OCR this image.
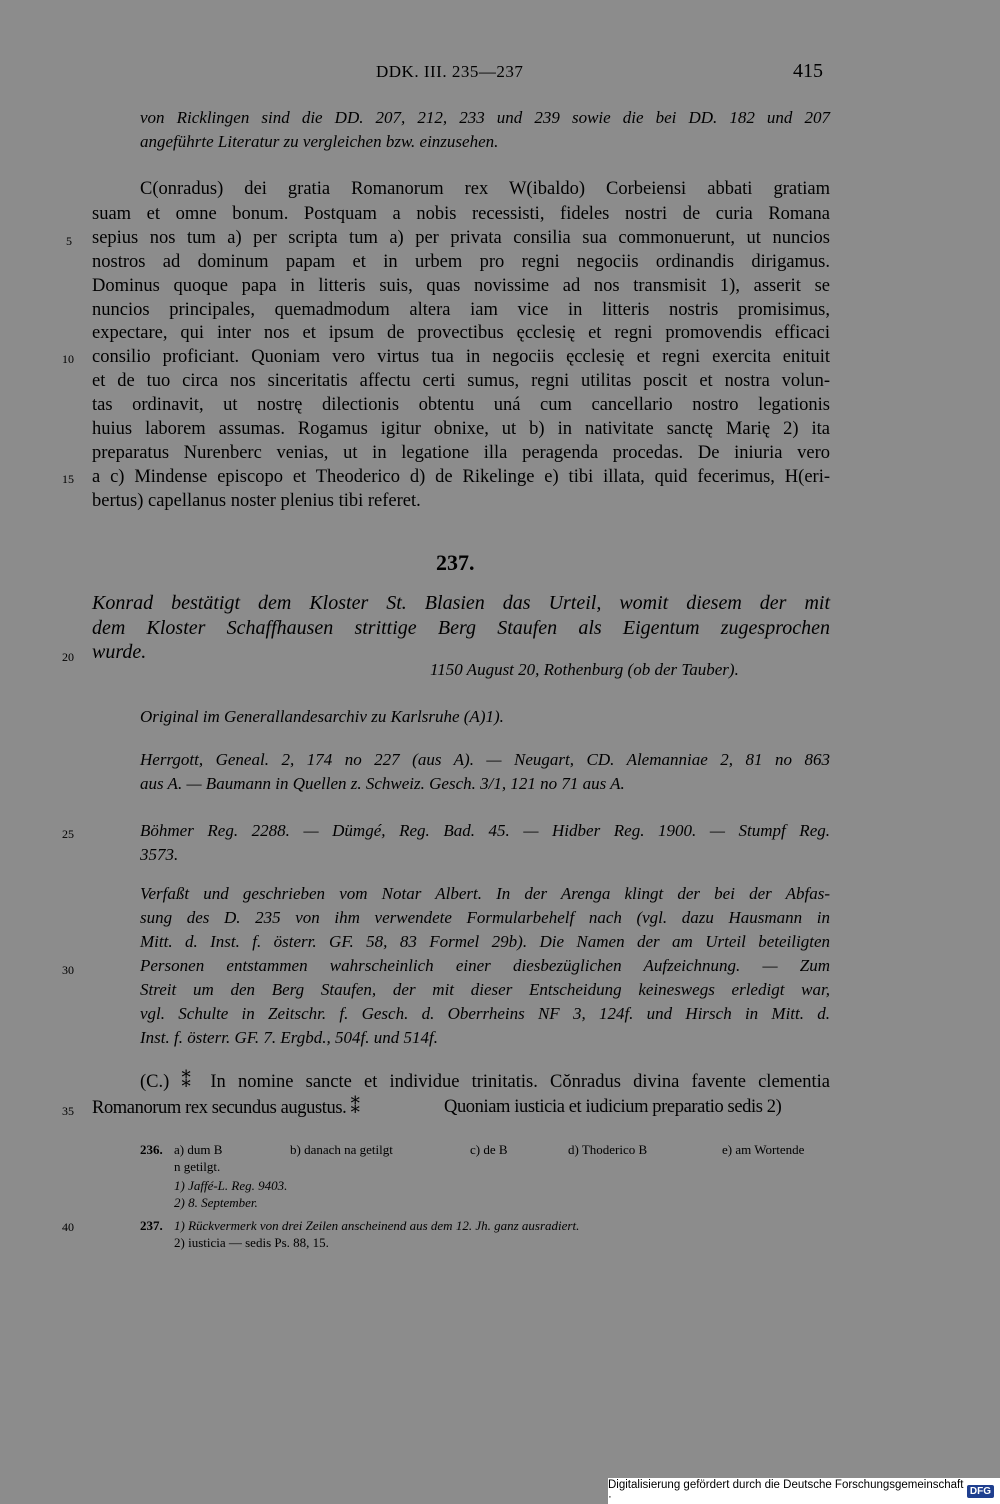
DDK. III. 235—237	415
von Ricklingen sind die DD. 207, 212, 233 und 239 sowie die bei DD. 182 und 207
angeführte Literatur zu vergleichen bzw. einzusehen.
C(onradus) dei gratia Romanorum rex W(ibaldo) Corbeiensi abbati gratiam
suam et omne bonum. Postquam a nobis recessisti, fideles nostri de curia Romana
sepius nos tum a) per scripta tum a) per privata consilia sua commonuerunt, ut nuncios
nostros ad dominum papam et in urbem pro regni negociis ordinandis dirigamus.
Dominus quoque papa in litteris suis, quas novissime ad nos transmisit 1), asserit se
nuncios principales, quemadmodum altera iam vice in litteris nostris promisimus,
expectare, qui inter nos et ipsum de provectibus ęcclesię et regni promovendis efficaci
consilio proficiant. Quoniam vero virtus tua in negociis ęcclesię et regni exercita enituit
et de tuo circa nos sinceritatis affectu certi sumus, regni utilitas poscit et nostra volun-
tas ordinavit, ut nostrę dilectionis obtentu uná cum cancellario nostro legationis
huius laborem assumas. Rogamus igitur obnixe, ut b) in nativitate sanctę Marię 2) ita
preparatus Nurenberc venias, ut in legatione illa peragenda procedas. De iniuria vero
a c) Mindense episcopo et Theoderico d) de Rikelinge e) tibi illata, quid fecerimus, H(eri-
bertus) capellanus noster plenius tibi referet.
5
10
15
20
25
30
35
40
237.
Konrad bestätigt dem Kloster St. Blasien das Urteil, womit diesem der mit
dem Kloster Schaffhausen strittige Berg Staufen als Eigentum zugesprochen
wurde.
1150 August 20, Rothenburg (ob der Tauber).
Original im Generallandesarchiv zu Karlsruhe (A)1).
Herrgott, Geneal. 2, 174 no 227 (aus A). — Neugart, CD. Alemanniae 2, 81 no 863
aus A. — Baumann in Quellen z. Schweiz. Gesch. 3/1, 121 no 71 aus A.
Böhmer Reg. 2288. — Dümgé, Reg. Bad. 45. — Hidber Reg. 1900. — Stumpf Reg.
3573.
Verfaßt und geschrieben vom Notar Albert. In der Arenga klingt der bei der Abfas-
sung des D. 235 von ihm verwendete Formularbehelf nach (vgl. dazu Hausmann in
Mitt. d. Inst. f. österr. GF. 58, 83 Formel 29b). Die Namen der am Urteil beteiligten
Personen entstammen wahrscheinlich einer diesbezüglichen Aufzeichnung. — Zum
Streit um den Berg Staufen, der mit dieser Entscheidung keineswegs erledigt war,
vgl. Schulte in Zeitschr. f. Gesch. d. Oberrheins NF 3, 124f. und Hirsch in Mitt. d.
Inst. f. österr. GF. 7. Ergbd., 504f. und 514f.
(C.) ⁑ In nomine sancte et individue trinitatis. Cŏnradus divina favente clementia
Romanorum rex secundus augustus. ⁑	Quoniam iusticia et iudicium preparatio sedis 2)
236. a) dum B	b) danach na getilgt	c) de B	d) Thoderico B	e) am Wortende
n getilgt.
1) Jaffé-L. Reg. 9403.
2) 8. September.
237. 1) Rückvermerk von drei Zeilen anscheinend aus dem 12. Jh. ganz ausradiert.
2) iusticia — sedis Ps. 88, 15.
Digitalisierung gefördert durch die Deutsche Forschungsgemeinschaft ·	DFG
